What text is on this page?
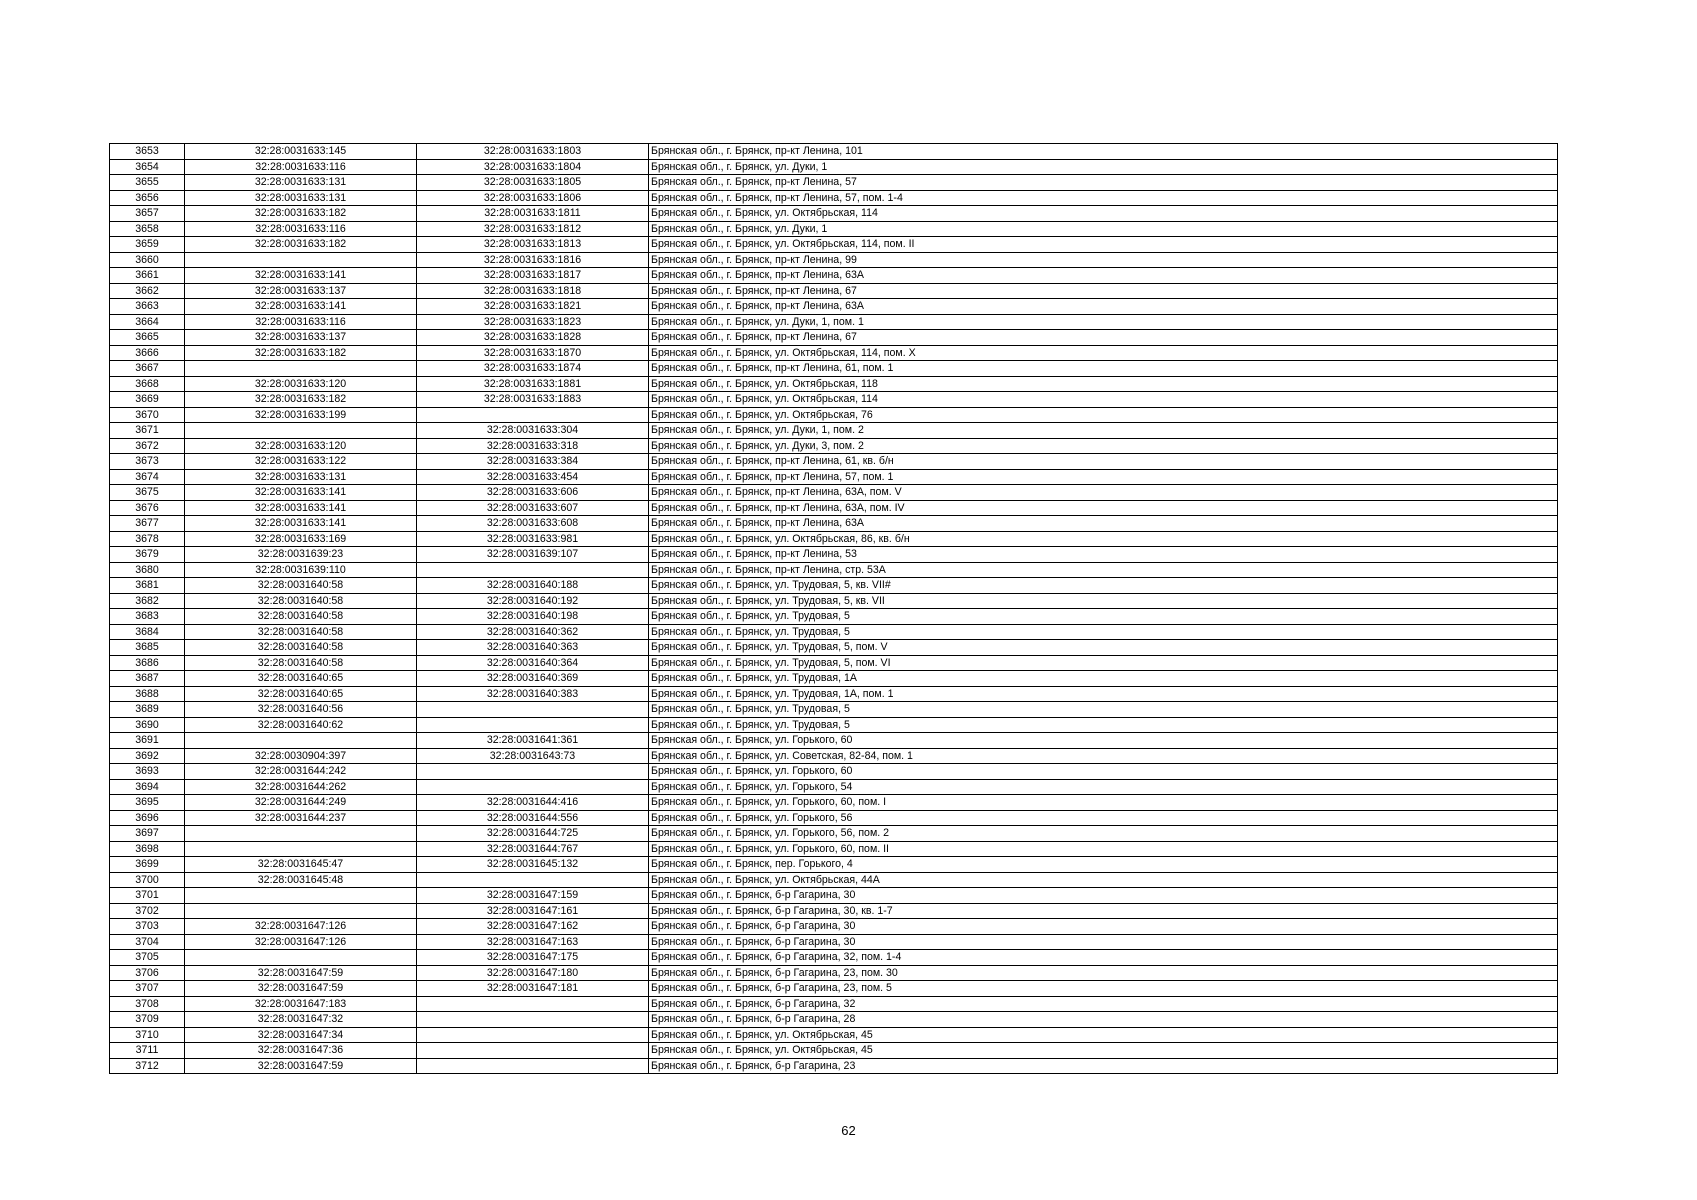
3653	32:28:0031633:145	32:28:0031633:1803	Брянская обл., г. Брянск, пр-кт Ленина, 101
3654	32:28:0031633:116	32:28:0031633:1804	Брянская обл., г. Брянск, ул. Дуки, 1
3655	32:28:0031633:131	32:28:0031633:1805	Брянская обл., г. Брянск, пр-кт Ленина, 57
3656	32:28:0031633:131	32:28:0031633:1806	Брянская обл., г. Брянск, пр-кт Ленина, 57, пом. 1-4
3657	32:28:0031633:182	32:28:0031633:1811	Брянская обл., г. Брянск, ул. Октябрьская, 114
3658	32:28:0031633:116	32:28:0031633:1812	Брянская обл., г. Брянск, ул. Дуки, 1
3659	32:28:0031633:182	32:28:0031633:1813	Брянская обл., г. Брянск, ул. Октябрьская, 114, пом. II
3660		32:28:0031633:1816	Брянская обл., г. Брянск, пр-кт Ленина, 99
3661	32:28:0031633:141	32:28:0031633:1817	Брянская обл., г. Брянск, пр-кт Ленина, 63А
3662	32:28:0031633:137	32:28:0031633:1818	Брянская обл., г. Брянск, пр-кт Ленина, 67
3663	32:28:0031633:141	32:28:0031633:1821	Брянская обл., г. Брянск, пр-кт Ленина, 63А
3664	32:28:0031633:116	32:28:0031633:1823	Брянская обл., г. Брянск, ул. Дуки, 1, пом. 1
3665	32:28:0031633:137	32:28:0031633:1828	Брянская обл., г. Брянск, пр-кт Ленина, 67
3666	32:28:0031633:182	32:28:0031633:1870	Брянская обл., г. Брянск, ул. Октябрьская, 114, пом. X
3667		32:28:0031633:1874	Брянская обл., г. Брянск, пр-кт Ленина, 61, пом. 1
3668	32:28:0031633:120	32:28:0031633:1881	Брянская обл., г. Брянск, ул. Октябрьская, 118
3669	32:28:0031633:182	32:28:0031633:1883	Брянская обл., г. Брянск, ул. Октябрьская, 114
3670	32:28:0031633:199		Брянская обл., г. Брянск, ул. Октябрьская, 76
3671		32:28:0031633:304	Брянская обл., г. Брянск, ул. Дуки, 1, пом. 2
3672	32:28:0031633:120	32:28:0031633:318	Брянская обл., г. Брянск, ул. Дуки, 3, пом. 2
3673	32:28:0031633:122	32:28:0031633:384	Брянская обл., г. Брянск, пр-кт Ленина, 61, кв. б/н
3674	32:28:0031633:131	32:28:0031633:454	Брянская обл., г. Брянск, пр-кт Ленина, 57, пом. 1
3675	32:28:0031633:141	32:28:0031633:606	Брянская обл., г. Брянск, пр-кт Ленина, 63А, пом. V
3676	32:28:0031633:141	32:28:0031633:607	Брянская обл., г. Брянск, пр-кт Ленина, 63А, пом. IV
3677	32:28:0031633:141	32:28:0031633:608	Брянская обл., г. Брянск, пр-кт Ленина, 63А
3678	32:28:0031633:169	32:28:0031633:981	Брянская обл., г. Брянск, ул. Октябрьская, 86, кв. б/н
3679	32:28:0031639:23	32:28:0031639:107	Брянская обл., г. Брянск, пр-кт Ленина, 53
3680	32:28:0031639:110		Брянская обл., г. Брянск, пр-кт Ленина, стр. 53А
3681	32:28:0031640:58	32:28:0031640:188	Брянская обл., г. Брянск, ул. Трудовая, 5, кв. VII#
3682	32:28:0031640:58	32:28:0031640:192	Брянская обл., г. Брянск, ул. Трудовая, 5, кв. VII
3683	32:28:0031640:58	32:28:0031640:198	Брянская обл., г. Брянск, ул. Трудовая, 5
3684	32:28:0031640:58	32:28:0031640:362	Брянская обл., г. Брянск, ул. Трудовая, 5
3685	32:28:0031640:58	32:28:0031640:363	Брянская обл., г. Брянск, ул. Трудовая, 5, пом. V
3686	32:28:0031640:58	32:28:0031640:364	Брянская обл., г. Брянск, ул. Трудовая, 5, пом. VI
3687	32:28:0031640:65	32:28:0031640:369	Брянская обл., г. Брянск, ул. Трудовая, 1А
3688	32:28:0031640:65	32:28:0031640:383	Брянская обл., г. Брянск, ул. Трудовая, 1А, пом. 1
3689	32:28:0031640:56		Брянская обл., г. Брянск, ул. Трудовая, 5
3690	32:28:0031640:62		Брянская обл., г. Брянск, ул. Трудовая, 5
3691		32:28:0031641:361	Брянская обл., г. Брянск, ул. Горького, 60
3692	32:28:0030904:397	32:28:0031643:73	Брянская обл., г. Брянск, ул. Советская, 82-84, пом. 1
3693	32:28:0031644:242		Брянская обл., г. Брянск, ул. Горького, 60
3694	32:28:0031644:262		Брянская обл., г. Брянск, ул. Горького, 54
3695	32:28:0031644:249	32:28:0031644:416	Брянская обл., г. Брянск, ул. Горького, 60, пом. I
3696	32:28:0031644:237	32:28:0031644:556	Брянская обл., г. Брянск, ул. Горького, 56
3697		32:28:0031644:725	Брянская обл., г. Брянск, ул. Горького, 56, пом. 2
3698		32:28:0031644:767	Брянская обл., г. Брянск, ул. Горького, 60, пом. II
3699	32:28:0031645:47	32:28:0031645:132	Брянская обл., г. Брянск, пер. Горького, 4
3700	32:28:0031645:48		Брянская обл., г. Брянск, ул. Октябрьская, 44А
3701		32:28:0031647:159	Брянская обл., г. Брянск, б-р Гагарина, 30
3702		32:28:0031647:161	Брянская обл., г. Брянск, б-р Гагарина, 30, кв. 1-7
3703	32:28:0031647:126	32:28:0031647:162	Брянская обл., г. Брянск, б-р Гагарина, 30
3704	32:28:0031647:126	32:28:0031647:163	Брянская обл., г. Брянск, б-р Гагарина, 30
3705		32:28:0031647:175	Брянская обл., г. Брянск, б-р Гагарина, 32, пом. 1-4
3706	32:28:0031647:59	32:28:0031647:180	Брянская обл., г. Брянск, б-р Гагарина, 23, пом. 30
3707	32:28:0031647:59	32:28:0031647:181	Брянская обл., г. Брянск, б-р Гагарина, 23, пом. 5
3708	32:28:0031647:183		Брянская обл., г. Брянск, б-р Гагарина, 32
3709	32:28:0031647:32		Брянская обл., г. Брянск, б-р Гагарина, 28
3710	32:28:0031647:34		Брянская обл., г. Брянск, ул. Октябрьская, 45
3711	32:28:0031647:36		Брянская обл., г. Брянск, ул. Октябрьская, 45
3712	32:28:0031647:59		Брянская обл., г. Брянск, б-р Гагарина, 23
62
